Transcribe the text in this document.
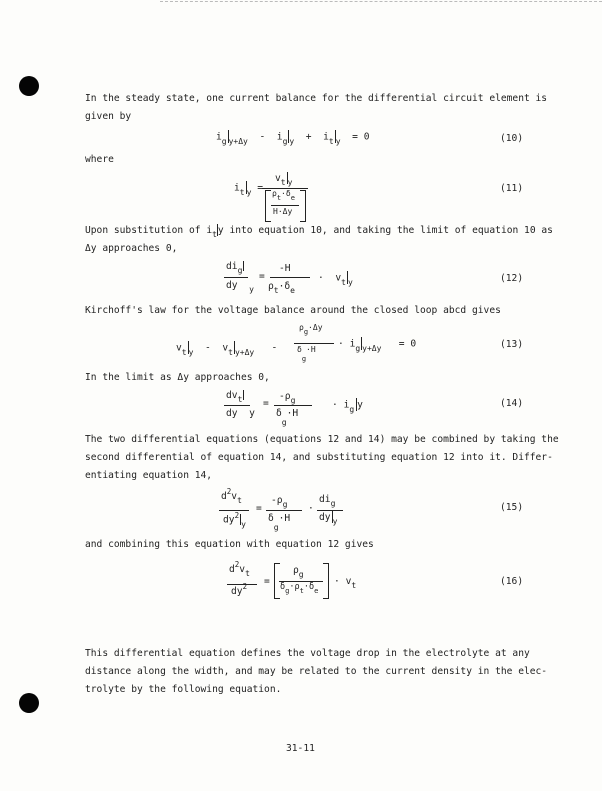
In the steady state, one current balance for the differential circuit element is
given by
$i_g$ $_{y+\Delta y} - i_g$ $_y + i_t$ $_y$ = 0	(10)
where
$i_t$ $_y$ =
$v_t$ $_y$
ρt·δe
H·Δy
(11)
Upon substitution of $i_ty$ into equation 10, and taking the limit of equation 10 as
Δy approaches 0,
$di_g$
dy $_y$
=
-H
$\rho_t\cdot\delta_e$
· $v_t$ $_y$	(12)
Kirchoff's law for the voltage balance around the closed loop abcd gives
$v_t$ $_y - v_t$ $_{y+\Delta y}$ -
ρg·Δy
$\delta g\cdot H \cdot i_g$ $_{y+\Delta y}$ = 0	(13)
In the limit as Δy approaches 0,
$dv_t$
dy y
=
$-\rho_g$
$\delta_g\cdot H$
· $i_g$ y	(14)
The two differential equations (equations 12 and 14) may be combined by taking the
second differential of equation 14, and substituting equation 12 into it. Differ-
entiating equation 14,
$d^2v_t$
$dy^2_y$
=
$-\rho_g$
$\delta_g\cdot H$
·
$di_g$
dy $_y$
(15)
and combining this equation with equation 12 gives
$d^2v_t$
$dy^2$ =
$\rho_g$
$\delta_g\cdot\rho_t\cdot\delta_e$
· $v_t$	(16)
This differential equation defines the voltage drop in the electrolyte at any
distance along the width, and may be related to the current density in the elec-
trolyte by the following equation.
31-11
